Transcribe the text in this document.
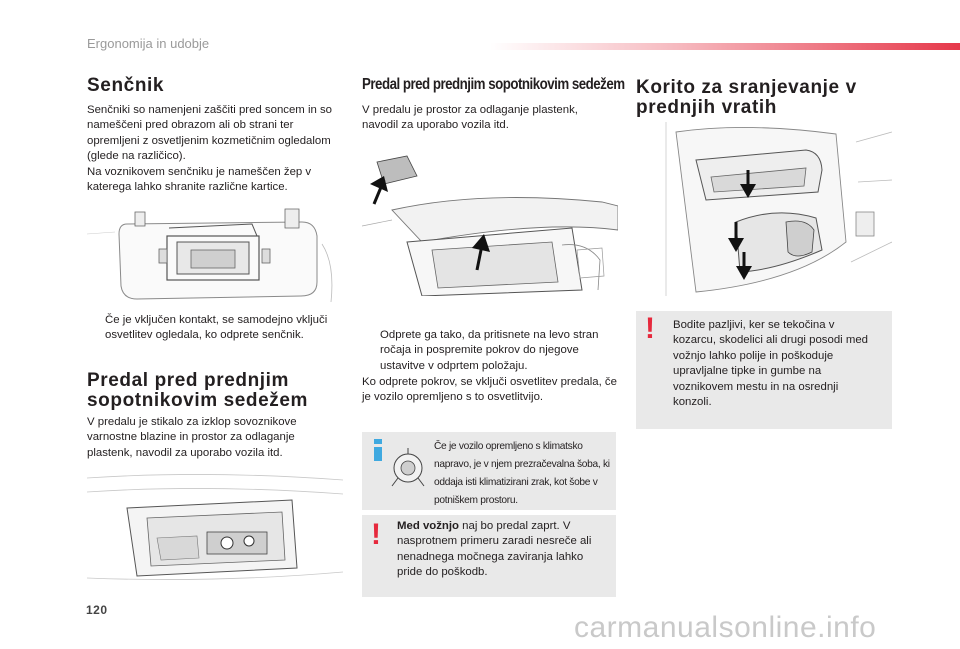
Ergonomija in udobje
Senčnik
Senčniki so namenjeni zaščiti pred soncem in so nameščeni pred obrazom ali ob strani ter opremljeni z osvetljenim kozmetičnim ogledalom (glede na različico).
Na voznikovem senčniku je nameščen žep v katerega lahko shranite različne kartice.
Če je vključen kontakt, se samodejno vključi osvetlitev ogledala, ko odprete senčnik.
Predal pred prednjim
sopotnikovim sedežem
V predalu je stikalo za izklop sovoznikove varnostne blazine in prostor za odlaganje plastenk, navodil za uporabo vozila itd.
Predal pred prednjim sopotnikovim sedežem
V predalu je prostor za odlaganje plastenk, navodil za uporabo vozila itd.
Odprete ga tako, da pritisnete na levo stran ročaja in pospremite pokrov do njegove ustavitve v odprtem položaju.
Ko odprete pokrov, se vključi osvetlitev predala, če je vozilo opremljeno s to osvetlitvijo.
Če je vozilo opremljeno s klimatsko napravo, je v njem prezračevalna šoba, ki oddaja isti klimatizirani zrak, kot šobe v potniškem prostoru.
! Med vožnjo naj bo predal zaprt. V nasprotnem primeru zaradi nesreče ali nenadnega močnega zaviranja lahko pride do poškodb.
Korito za sranjevanje v
prednjih vratih
! Bodite pazljivi, ker se tekočina v kozarcu, skodelici ali drugi posodi med vožnjo lahko polije in poškoduje upravljalne tipke in gumbe na voznikovem mestu in na osrednji konzoli.
120
carmanualsonline.info
